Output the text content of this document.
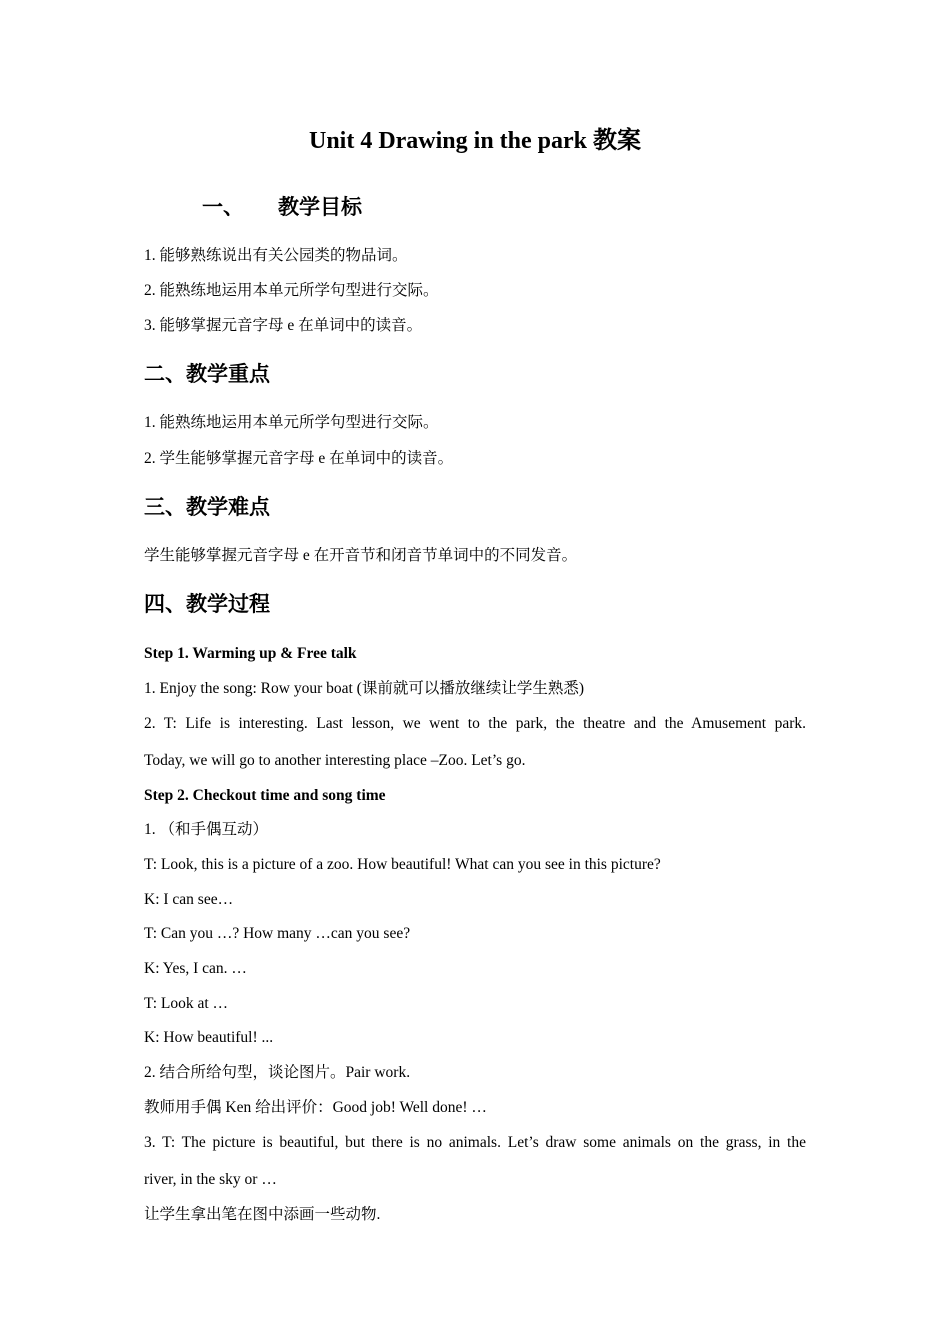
Unit 4 Drawing in the park 教案
一、 教学目标
1. 能够熟练说出有关公园类的物品词。
2. 能熟练地运用本单元所学句型进行交际。
3. 能够掌握元音字母 e 在单词中的读音。
二、教学重点
1. 能熟练地运用本单元所学句型进行交际。
2. 学生能够掌握元音字母 e 在单词中的读音。
三、教学难点
学生能够掌握元音字母 e 在开音节和闭音节单词中的不同发音。
四、教学过程
Step 1. Warming up & Free talk
1. Enjoy the song: Row your boat (课前就可以播放继续让学生熟悉)
2. T: Life is interesting. Last lesson, we went to the park, the theatre and the Amusement park.
Today, we will go to another interesting place –Zoo. Let’s go.
Step 2. Checkout time and song time
1. （和手偶互动）
T: Look, this is a picture of a zoo. How beautiful! What can you see in this picture?
K: I can see…
T: Can you …? How many …can you see?
K: Yes, I can. …
T: Look at …
K: How beautiful! ...
2. 结合所给句型，谈论图片。Pair work.
教师用手偶 Ken 给出评价：Good job! Well done! …
3. T: The picture is beautiful, but there is no animals. Let’s draw some animals on the grass, in the
river, in the sky or …
让学生拿出笔在图中添画一些动物.
